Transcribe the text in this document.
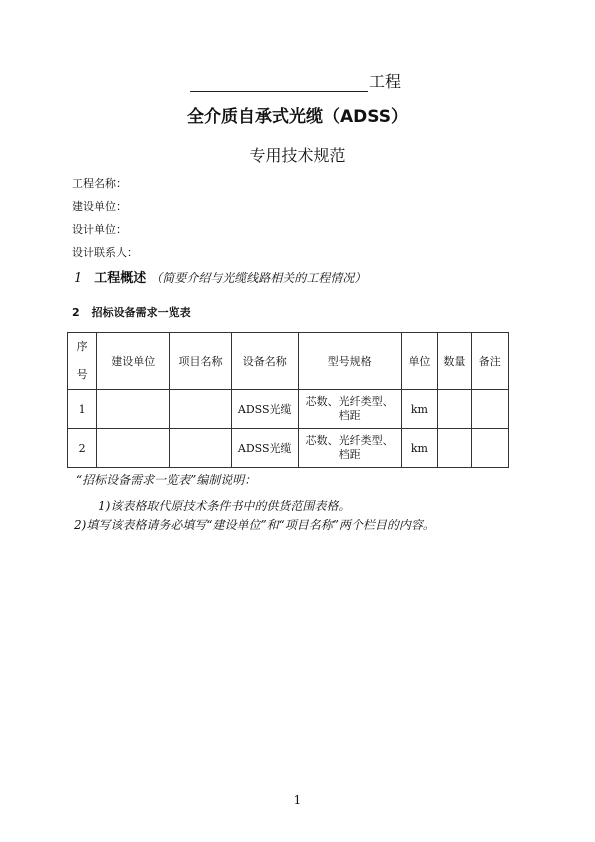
工程
全介质自承式光缆（ADSS）
专用技术规范
工程名称：
建设单位：
设计单位：
设计联系人：
1 工程概述 （简要介绍与光缆线路相关的工程情况）
2 招标设备需求一览表
序
号	建设单位	项目名称	设备名称	型号规格	单位	数量	备注
1			ADSS光缆	芯数、光纤类型、档距	km		
2			ADSS光缆	芯数、光纤类型、档距	km		
“招标设备需求一览表”编制说明：
1)该表格取代原技术条件书中的供货范围表格。
2)填写该表格请务必填写“建设单位”和“项目名称”两个栏目的内容。
1
